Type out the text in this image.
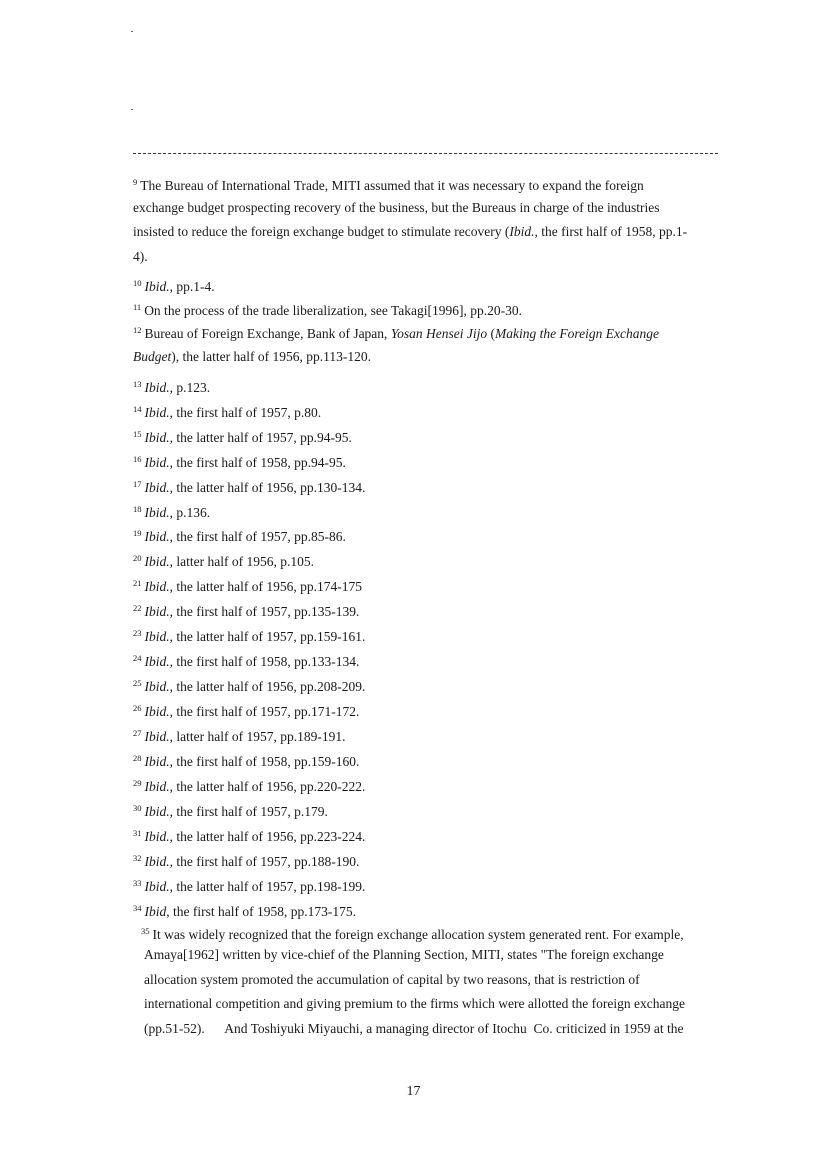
$^9$ The Bureau of International Trade, MITI assumed that it was necessary to expand the foreign
exchange budget prospecting recovery of the business, but the Bureaus in charge of the industries
insisted to reduce the foreign exchange budget to stimulate recovery (Ibid., the first half of 1958, pp.1-
4).
$^{10}$ Ibid., pp.1-4.
$^{11}$ On the process of the trade liberalization, see Takagi[1996], pp.20-30.
$^{12}$ Bureau of Foreign Exchange, Bank of Japan, Yosan Hensei Jijo (Making the Foreign Exchange
Budget), the latter half of 1956, pp.113-120.
$^{13}$ Ibid., p.123.
$^{14}$ Ibid., the first half of 1957, p.80.
$^{15}$ Ibid., the latter half of 1957, pp.94-95.
$^{16}$ Ibid., the first half of 1958, pp.94-95.
$^{17}$ Ibid., the latter half of 1956, pp.130-134.
$^{18}$ Ibid., p.136.
$^{19}$ Ibid., the first half of 1957, pp.85-86.
$^{20}$ Ibid., latter half of 1956, p.105.
$^{21}$ Ibid., the latter half of 1956, pp.174-175
$^{22}$ Ibid., the first half of 1957, pp.135-139.
$^{23}$ Ibid., the latter half of 1957, pp.159-161.
$^{24}$ Ibid., the first half of 1958, pp.133-134.
$^{25}$ Ibid., the latter half of 1956, pp.208-209.
$^{26}$ Ibid., the first half of 1957, pp.171-172.
$^{27}$ Ibid., latter half of 1957, pp.189-191.
$^{28}$ Ibid., the first half of 1958, pp.159-160.
$^{29}$ Ibid., the latter half of 1956, pp.220-222.
$^{30}$ Ibid., the first half of 1957, p.179.
$^{31}$ Ibid., the latter half of 1956, pp.223-224.
$^{32}$ Ibid., the first half of 1957, pp.188-190.
$^{33}$ Ibid., the latter half of 1957, pp.198-199.
$^{34}$ Ibid, the first half of 1958, pp.173-175.
$^{35}$ It was widely recognized that the foreign exchange allocation system generated rent. For example,
Amaya[1962] written by vice-chief of the Planning Section, MITI, states "The foreign exchange
allocation system promoted the accumulation of capital by two reasons, that is restriction of
international competition and giving premium to the firms which were allotted the foreign exchange
(pp.51-52).      And Toshiyuki Miyauchi, a managing director of Itochu  Co. criticized in 1959 at the
17
